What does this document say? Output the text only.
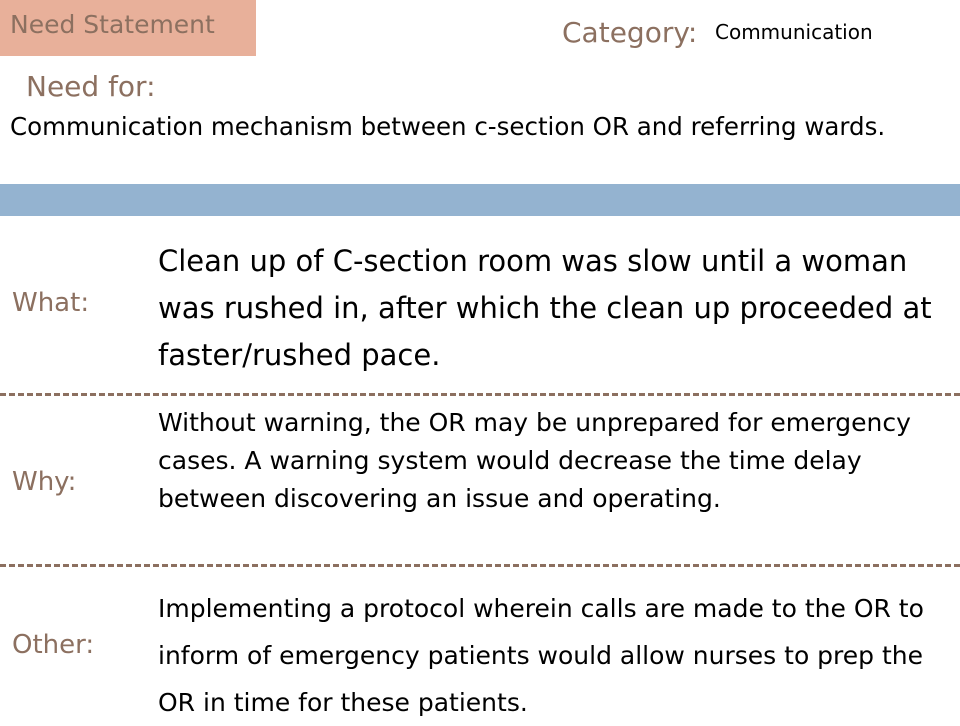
Need Statement	Category: Communication
Need for:
Communication mechanism between c-section OR and referring wards.
What:
Clean up of C-section room was slow until a woman was rushed in, after which the clean up proceeded at faster/rushed pace.
Why:
Without warning, the OR may be unprepared for emergency cases. A warning system would decrease the time delay between discovering an issue and operating.
Other:
Implementing a protocol wherein calls are made to the OR to inform of emergency patients would allow nurses to prep the OR in time for these patients.
